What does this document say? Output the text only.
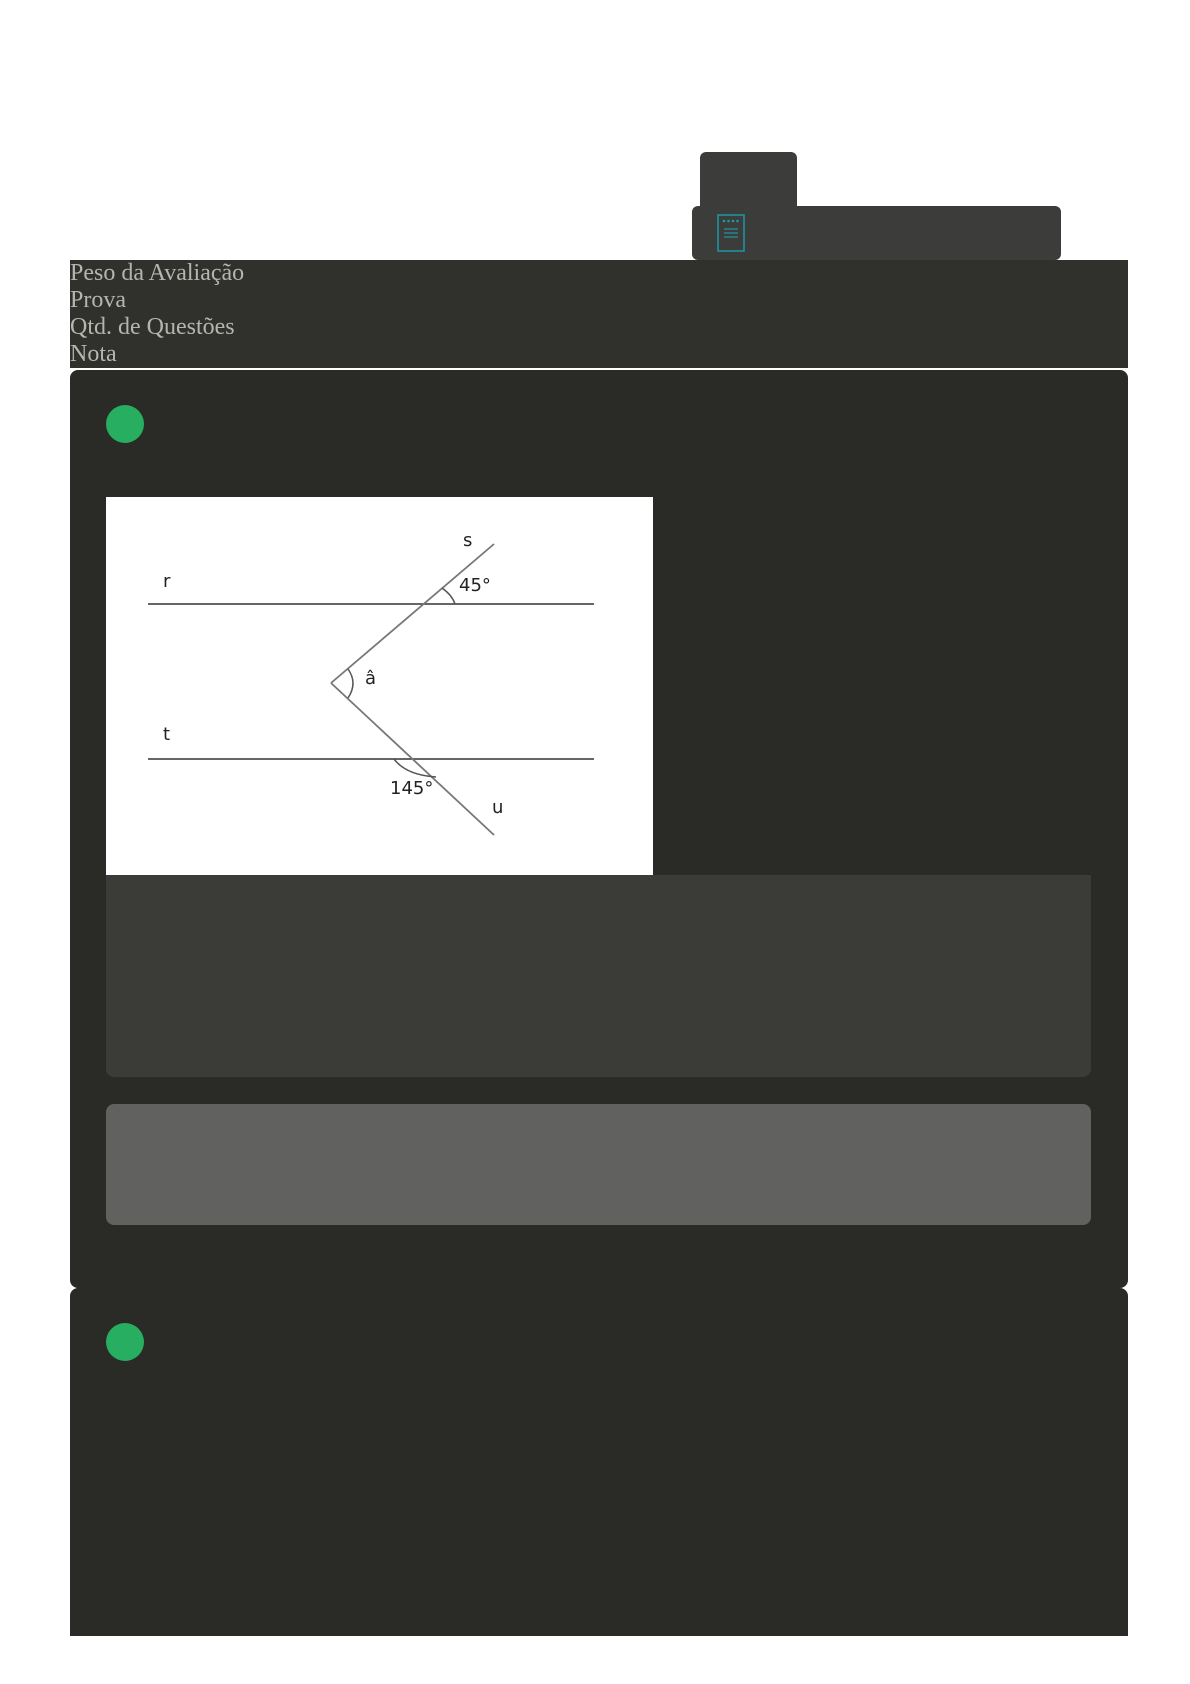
Peso da Avaliação
Prova
Qtd. de Questões
Nota
r
s
t
u
45°
â
145°
